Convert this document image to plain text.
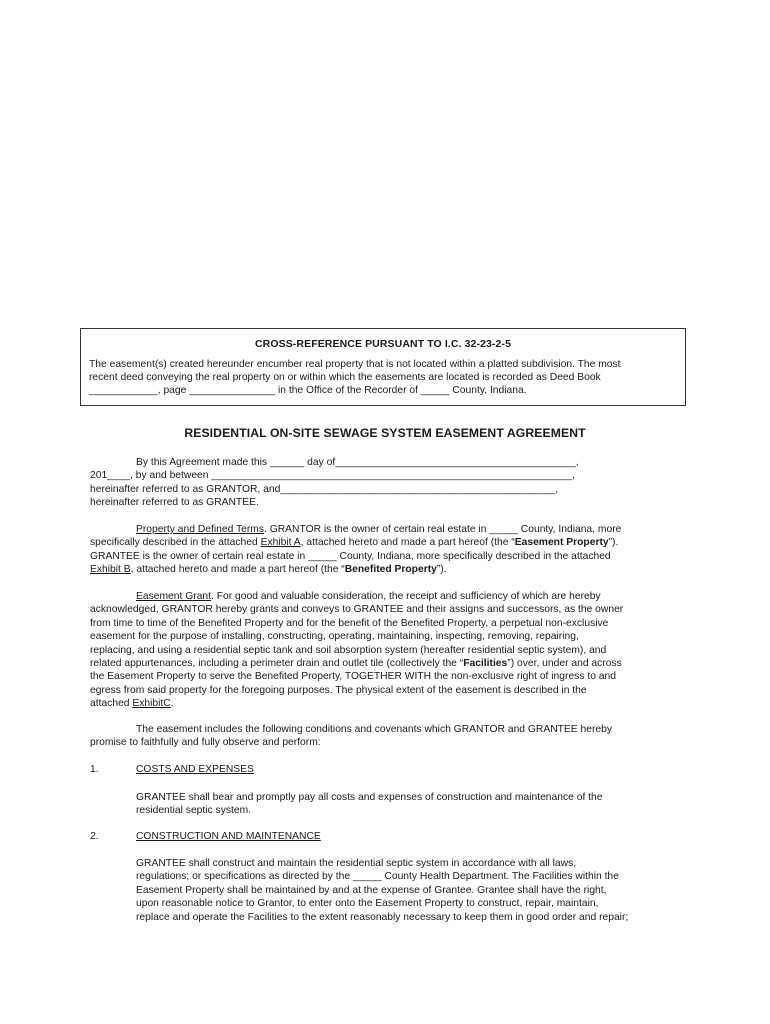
CROSS-REFERENCE PURSUANT TO I.C. 32-23-2-5
The easement(s) created hereunder encumber real property that is not located within a platted subdivision. The most
recent deed conveying the real property on or within which the easements are located is recorded as Deed Book
____________, page _______________ in the Office of the Recorder of _____ County, Indiana.
RESIDENTIAL ON-SITE SEWAGE SYSTEM EASEMENT AGREEMENT
By this Agreement made this ______ day of__________________________________________,
201____, by and between _______________________________________________________________,
hereinafter referred to as GRANTOR, and________________________________________________,
hereinafter referred to as GRANTEE.
Property and Defined Terms. GRANTOR is the owner of certain real estate in _____ County, Indiana, more
specifically described in the attached Exhibit A, attached hereto and made a part hereof (the “Easement Property”).
GRANTEE is the owner of certain real estate in _____ County, Indiana, more specifically described in the attached
Exhibit B, attached hereto and made a part hereof (the “Benefited Property”).
Easement Grant. For good and valuable consideration, the receipt and sufficiency of which are hereby
acknowledged, GRANTOR hereby grants and conveys to GRANTEE and their assigns and successors, as the owner
from time to time of the Benefited Property and for the benefit of the Benefited Property, a perpetual non-exclusive
easement for the purpose of installing, constructing, operating, maintaining, inspecting, removing, repairing,
replacing, and using a residential septic tank and soil absorption system (hereafter residential septic system), and
related appurtenances, including a perimeter drain and outlet tile (collectively the “Facilities”) over, under and across
the Easement Property to serve the Benefited Property, TOGETHER WITH the non-exclusive right of ingress to and
egress from said property for the foregoing purposes. The physical extent of the easement is described in the
attached ExhibitC.
The easement includes the following conditions and covenants which GRANTOR and GRANTEE hereby
promise to faithfully and fully observe and perform:
1.	COSTS AND EXPENSES
GRANTEE shall bear and promptly pay all costs and expenses of construction and maintenance of the
residential septic system.
2.	CONSTRUCTION AND MAINTENANCE
GRANTEE shall construct and maintain the residential septic system in accordance with all laws,
regulations; or specifications as directed by the _____ County Health Department. The Facilities within the
Easement Property shall be maintained by and at the expense of Grantee. Grantee shall have the right,
upon reasonable notice to Grantor, to enter onto the Easement Property to construct, repair, maintain,
replace and operate the Facilities to the extent reasonably necessary to keep them in good order and repair;
